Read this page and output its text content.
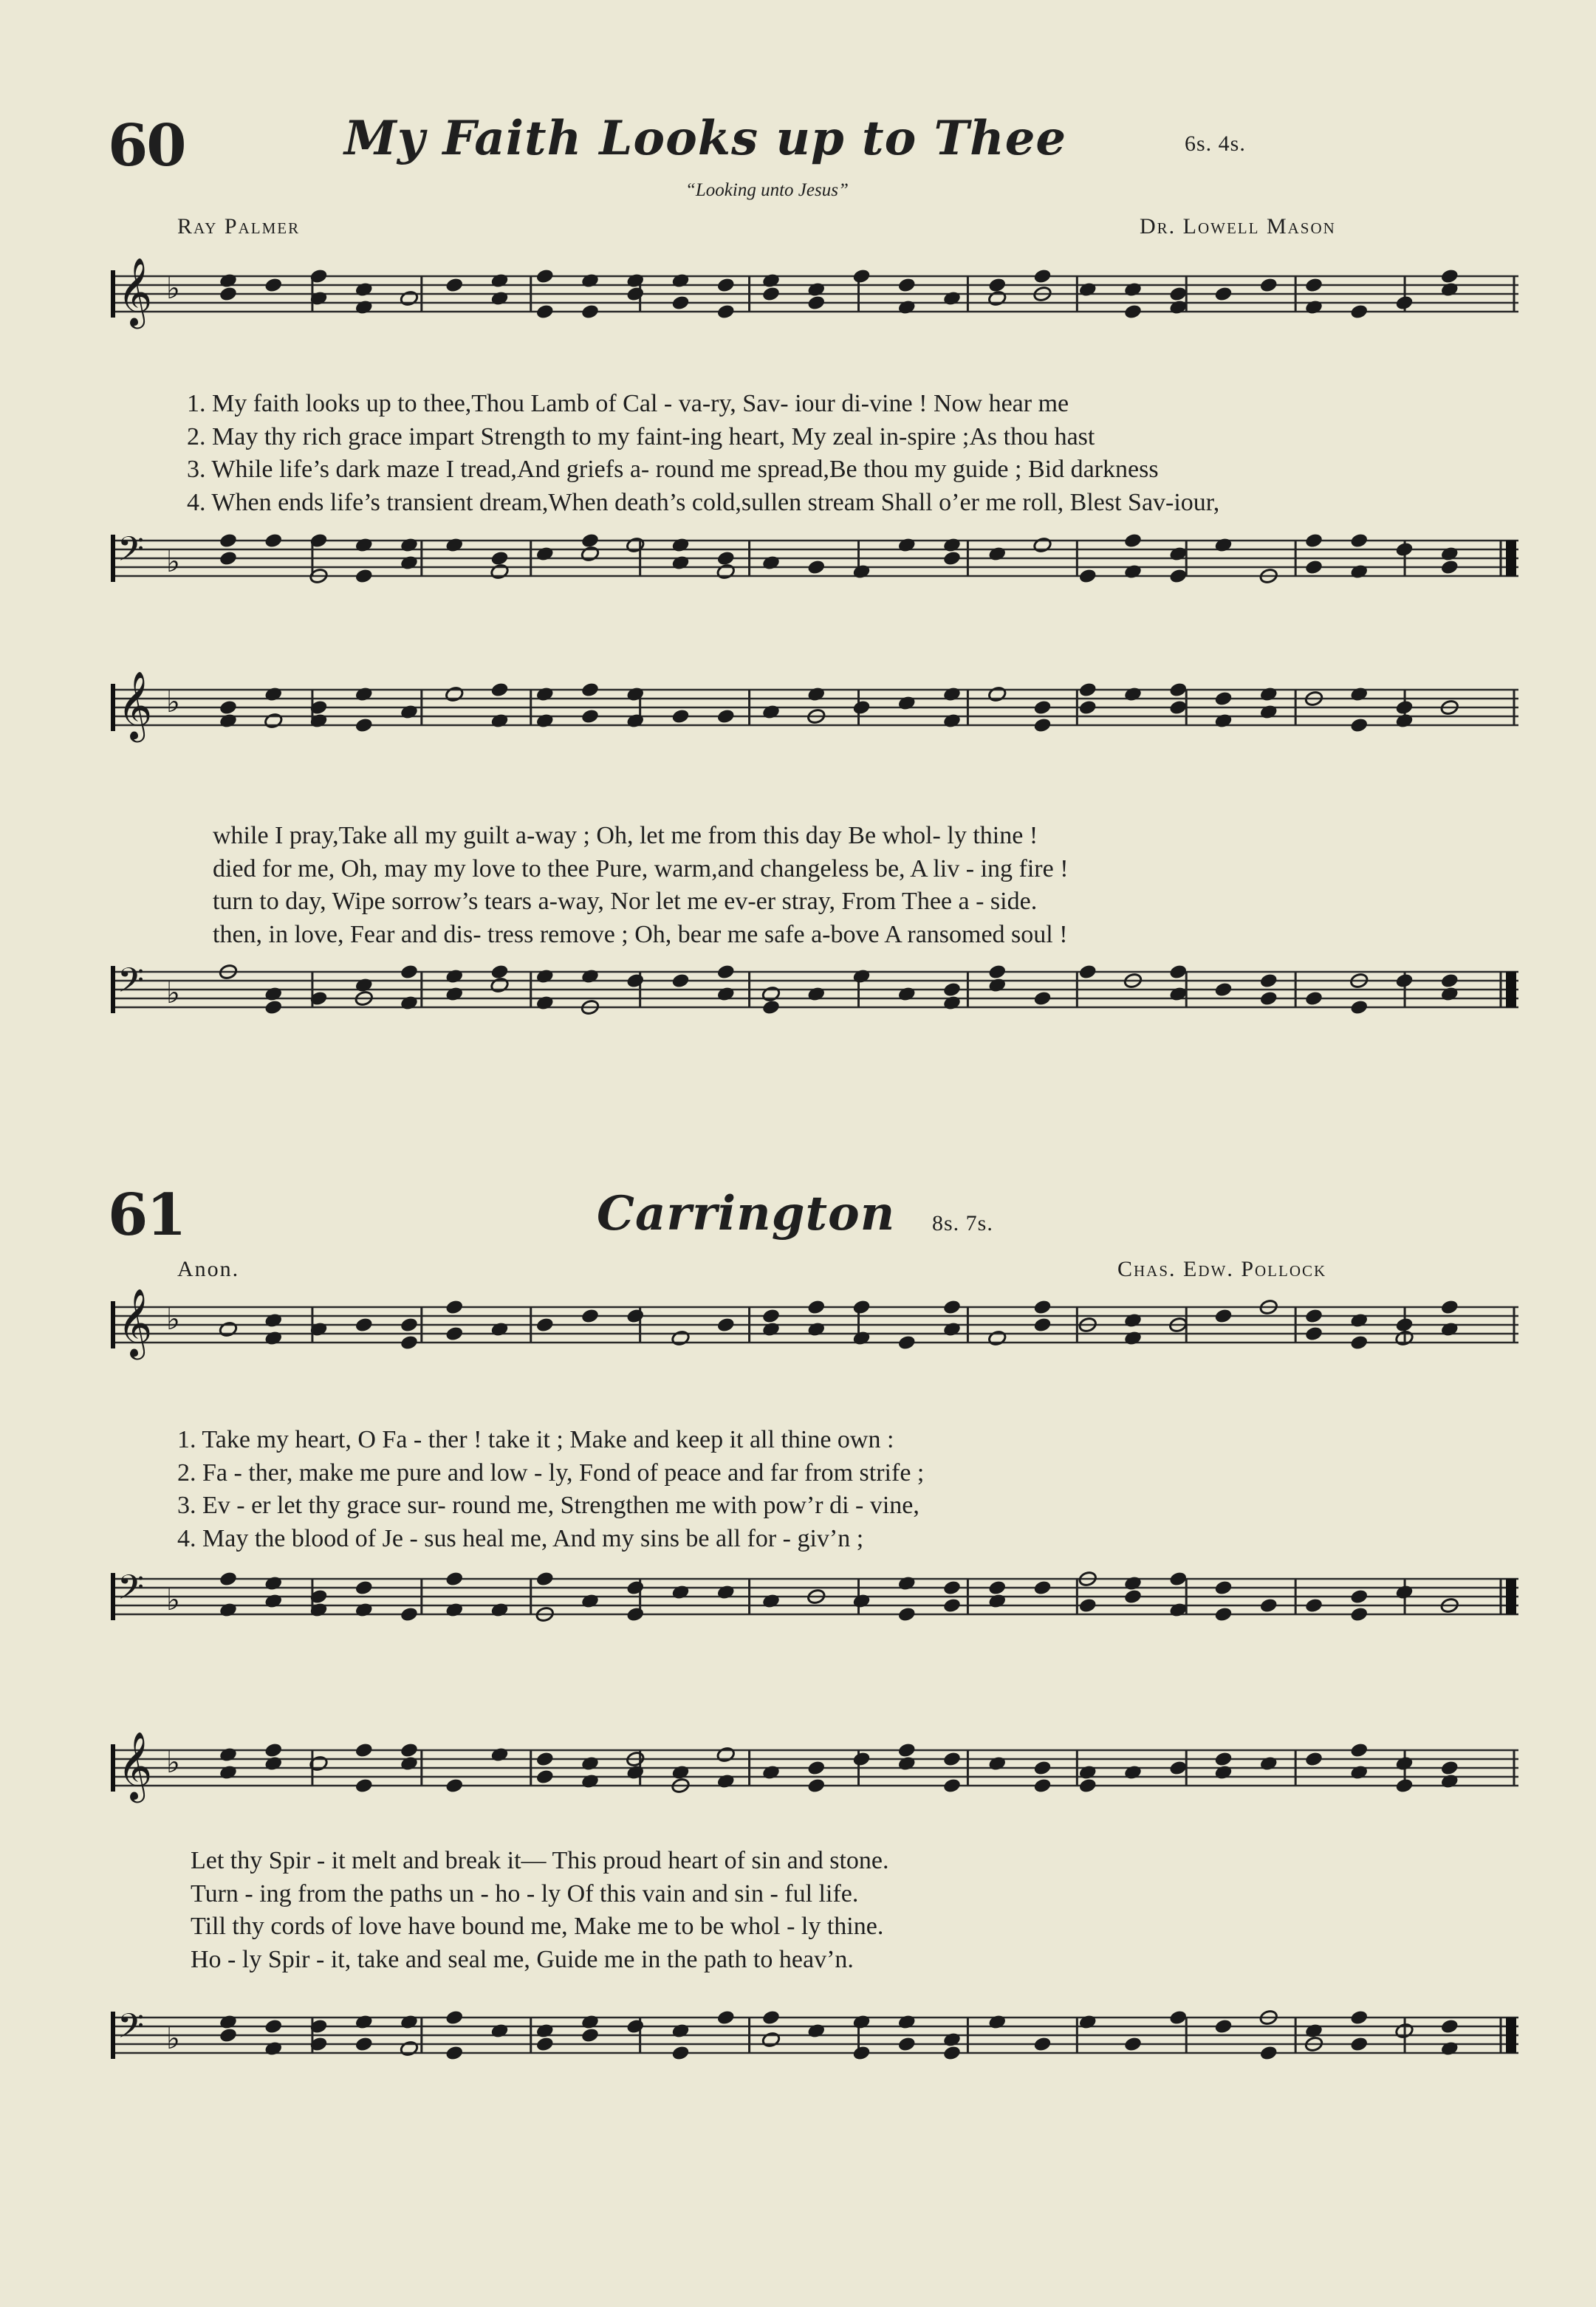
60	My Faith Looks up to Thee	6s. 4s.
“Looking unto Jesus”
Ray Palmer	Dr. Lowell Mason
𝄞 ♭
1. My faith looks up to thee,Thou Lamb of Cal - va-ry, Sav- iour di-vine ! Now hear me
2. May thy rich grace impart Strength to my faint-ing heart, My zeal in-spire ;As thou hast
3. While life’s dark maze I tread,And griefs a- round me spread,Be thou my guide ; Bid darkness
4. When ends life’s transient dream,When death’s cold,sullen stream Shall o’er me roll, Blest Sav-iour,
𝄢 ♭
𝄞 ♭
while I pray,Take all my guilt a-way ; Oh, let me from this day Be whol- ly thine !
died for me, Oh, may my love to thee Pure, warm,and changeless be, A liv - ing fire !
turn to day, Wipe sorrow’s tears a-way, Nor let me ev-er stray, From Thee a - side.
then, in love, Fear and dis- tress remove ; Oh, bear me safe a-bove A ransomed soul !
𝄢 ♭
61	Carrington 8s. 7s.
Anon.	Chas. Edw. Pollock
𝄞 ♭
1. Take my heart, O Fa - ther ! take it ; Make and keep it all thine own :
2. Fa - ther, make me pure and low - ly, Fond of peace and far from strife ;
3. Ev - er let thy grace sur- round me, Strengthen me with pow’r di - vine,
4. May the blood of Je - sus heal me, And my sins be all for - giv’n ;
𝄢 ♭
𝄞 ♭
Let thy Spir - it melt and break it— This proud heart of sin and stone.
Turn - ing from the paths un - ho - ly Of this vain and sin - ful life.
Till thy cords of love have bound me, Make me to be whol - ly thine.
Ho - ly Spir - it, take and seal me, Guide me in the path to heav’n.
𝄢 ♭
